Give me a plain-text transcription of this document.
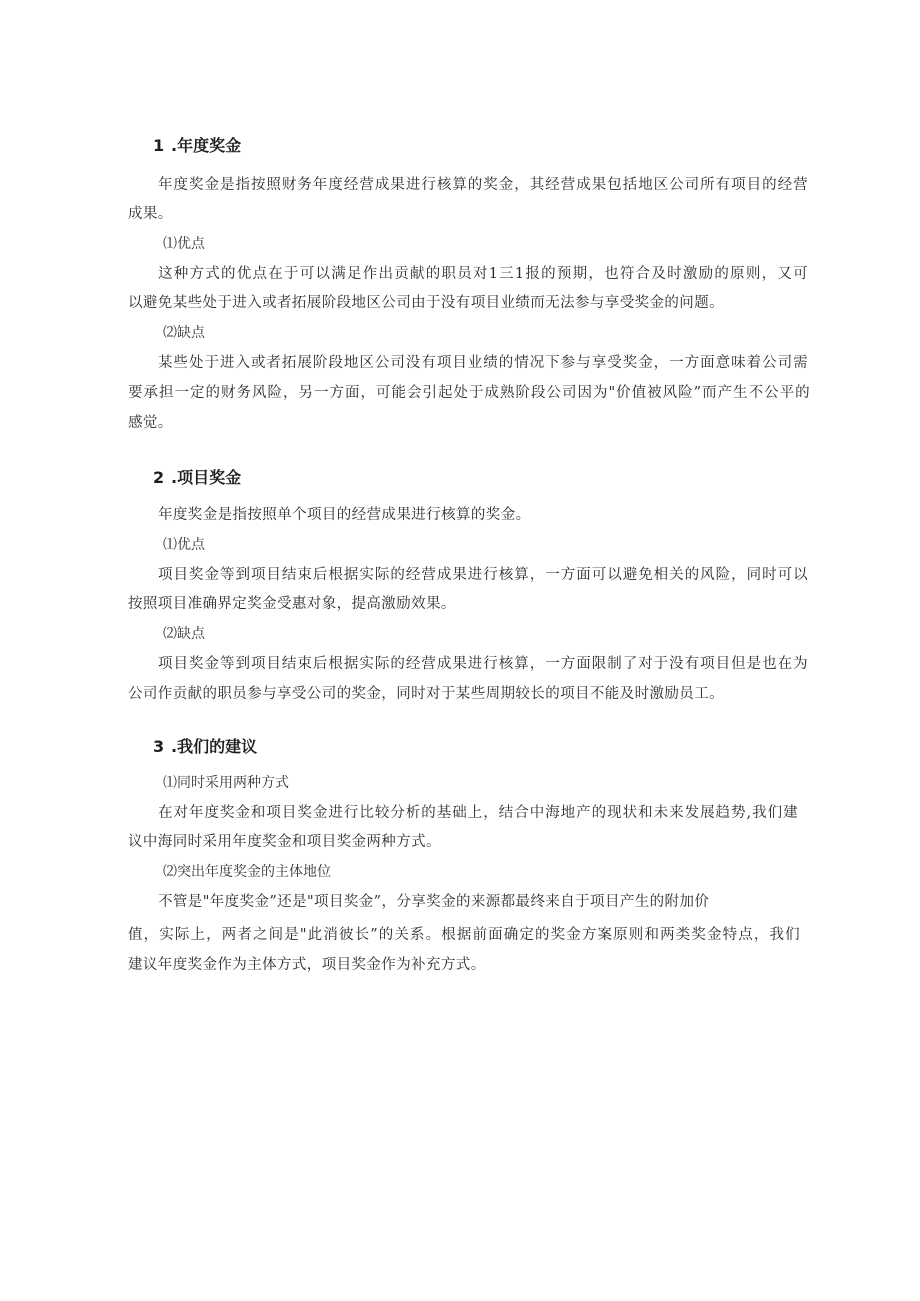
1 .年度奖金
年度奖金是指按照财务年度经营成果进行核算的奖金，其经营成果包括地区公司所有项目的经营
成果。
⑴优点
这种方式的优点在于可以满足作出贡献的职员对1三1报的预期，也符合及时激励的原则，又可
以避免某些处于进入或者拓展阶段地区公司由于没有项目业绩而无法参与享受奖金的问题。
⑵缺点
某些处于进入或者拓展阶段地区公司没有项目业绩的情况下参与享受奖金，一方面意味着公司需
要承担一定的财务风险，另一方面，可能会引起处于成熟阶段公司因为"价值被风险”而产生不公平的
感觉。
2 .项目奖金
年度奖金是指按照单个项目的经营成果进行核算的奖金。
⑴优点
项目奖金等到项目结束后根据实际的经营成果进行核算，一方面可以避免相关的风险，同时可以
按照项目准确界定奖金受惠对象，提高激励效果。
⑵缺点
项目奖金等到项目结束后根据实际的经营成果进行核算，一方面限制了对于没有项目但是也在为
公司作贡献的职员参与享受公司的奖金，同时对于某些周期较长的项目不能及时激励员工。
3 .我们的建议
⑴同时采用两种方式
在对年度奖金和项目奖金进行比较分析的基础上，结合中海地产的现状和未来发展趋势,我们建
议中海同时采用年度奖金和项目奖金两种方式。
⑵突出年度奖金的主体地位
不管是"年度奖金”还是"项目奖金”，分享奖金的来源都最终来自于项目产生的附加价
值，实际上，两者之间是"此消彼长”的关系。根据前面确定的奖金方案原则和两类奖金特点，我们
建议年度奖金作为主体方式，项目奖金作为补充方式。
